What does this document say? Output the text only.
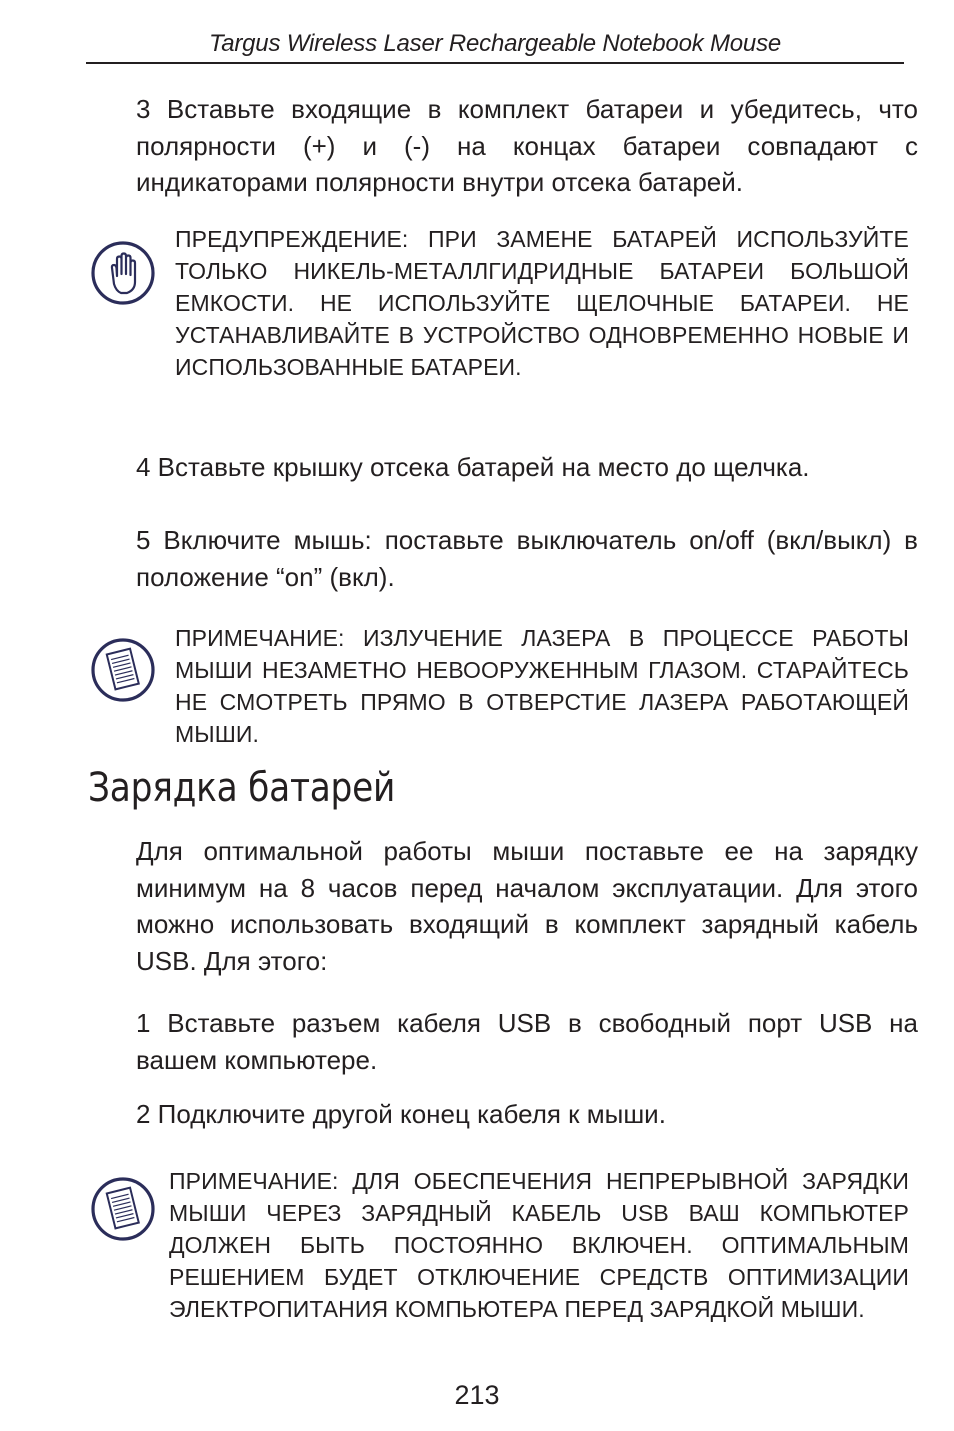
Targus Wireless Laser Rechargeable Notebook Mouse

3 Вставьте входящие в комплект батареи и убедитесь, что полярности (+) и (-) на концах батареи совпадают с индикаторами полярности внутри отсека батарей.

ПРЕДУПРЕЖДЕНИЕ: ПРИ ЗАМЕНЕ БАТАРЕЙ ИСПОЛЬЗУЙТЕ ТОЛЬКО НИКЕЛЬ-МЕТАЛЛГИДРИДНЫЕ БАТАРЕИ БОЛЬШОЙ ЕМКОСТИ. НЕ ИСПОЛЬЗУЙТЕ ЩЕЛОЧНЫЕ БАТАРЕИ. НЕ УСТАНАВЛИВАЙТЕ В УСТРОЙСТВО ОДНОВРЕМЕННО НОВЫЕ И ИСПОЛЬЗОВАННЫЕ БАТАРЕИ.

4 Вставьте крышку отсека батарей на место до щелчка.

5 Включите мышь: поставьте выключатель on/off (вкл/выкл) в положение “on” (вкл).

ПРИМЕЧАНИЕ: ИЗЛУЧЕНИЕ ЛАЗЕРА В ПРОЦЕССЕ РАБОТЫ МЫШИ НЕЗАМЕТНО НЕВООРУЖЕННЫМ ГЛАЗОМ. СТАРАЙТЕСЬ НЕ СМОТРЕТЬ ПРЯМО В ОТВЕРСТИЕ ЛАЗЕРА РАБОТАЮЩЕЙ МЫШИ.

Зарядка батарей

Для оптимальной работы мыши поставьте ее на зарядку минимум на 8 часов перед началом эксплуатации. Для этого можно использовать входящий в комплект зарядный кабель USB. Для этого:

1 Вставьте разъем кабеля USB в свободный порт USB на вашем компьютере.

2 Подключите другой конец кабеля к мыши.

ПРИМЕЧАНИЕ: ДЛЯ ОБЕСПЕЧЕНИЯ НЕПРЕРЫВНОЙ ЗАРЯДКИ МЫШИ ЧЕРЕЗ ЗАРЯДНЫЙ КАБЕЛЬ USB ВАШ КОМПЬЮТЕР ДОЛЖЕН БЫТЬ ПОСТОЯННО ВКЛЮЧЕН. ОПТИМАЛЬНЫМ РЕШЕНИЕМ БУДЕТ ОТКЛЮЧЕНИЕ СРЕДСТВ ОПТИМИЗАЦИИ ЭЛЕКТРОПИТАНИЯ КОМПЬЮТЕРА ПЕРЕД ЗАРЯДКОЙ МЫШИ.

213
